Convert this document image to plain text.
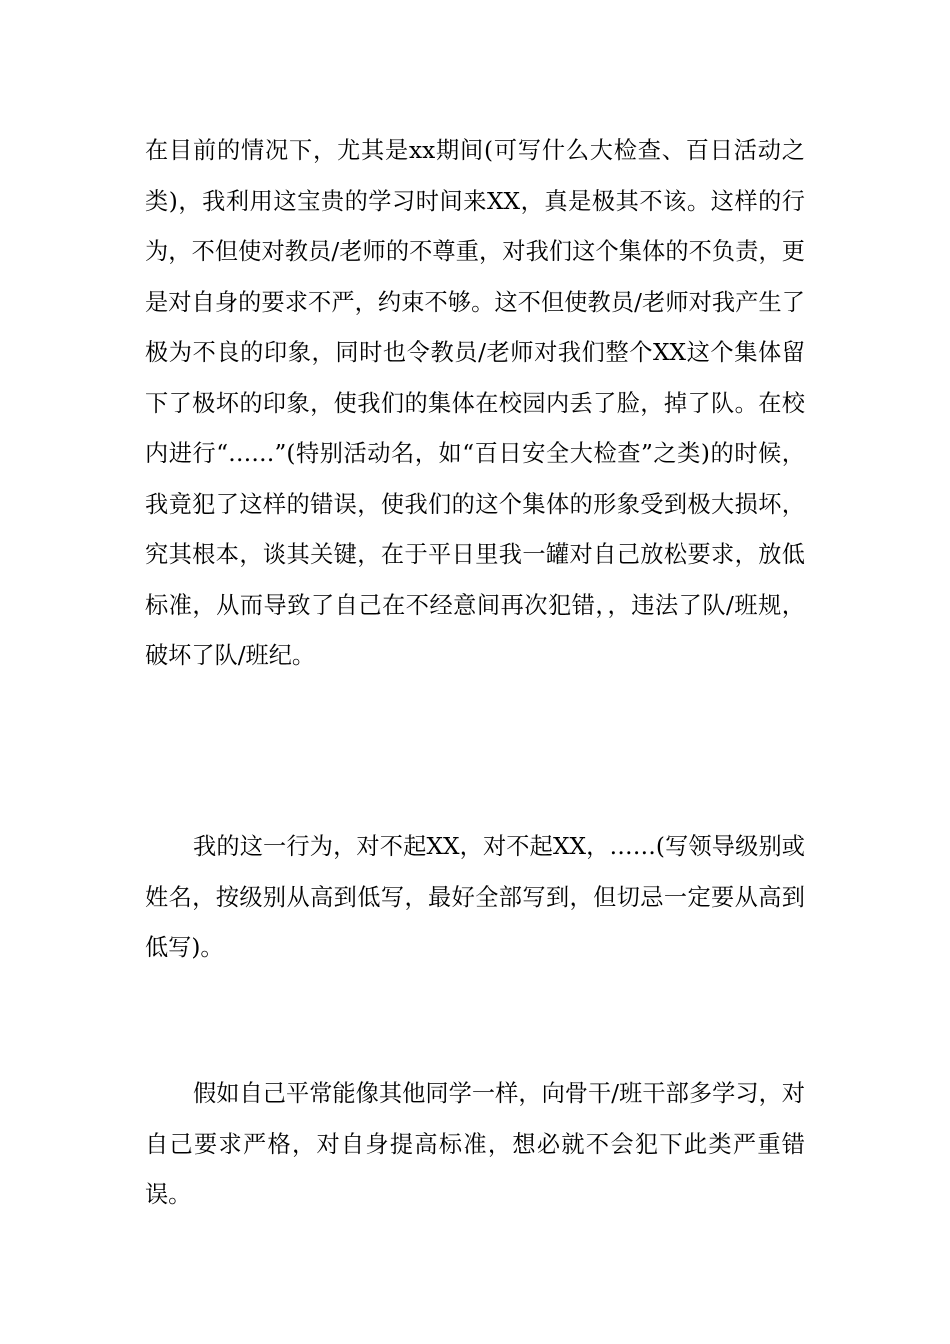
在目前的情况下，尤其是xx期间(可写什么大检查、百日活动之类)，我利用这宝贵的学习时间来XX，真是极其不该。这样的行为，不但使对教员/老师的不尊重，对我们这个集体的不负责，更是对自身的要求不严，约束不够。这不但使教员/老师对我产生了极为不良的印象，同时也令教员/老师对我们整个XX这个集体留下了极坏的印象，使我们的集体在校园内丢了脸，掉了队。在校内进行“……”(特别活动名，如“百日安全大检查”之类)的时候，我竟犯了这样的错误，使我们的这个集体的形象受到极大损坏，究其根本，谈其关键，在于平日里我一罐对自己放松要求，放低标准，从而导致了自己在不经意间再次犯错，，违法了队/班规，破坏了队/班纪。

我的这一行为，对不起XX，对不起XX，……(写领导级别或姓名，按级别从高到低写，最好全部写到，但切忌一定要从高到低写)。

假如自己平常能像其他同学一样，向骨干/班干部多学习，对自己要求严格，对自身提高标准，想必就不会犯下此类严重错误。
